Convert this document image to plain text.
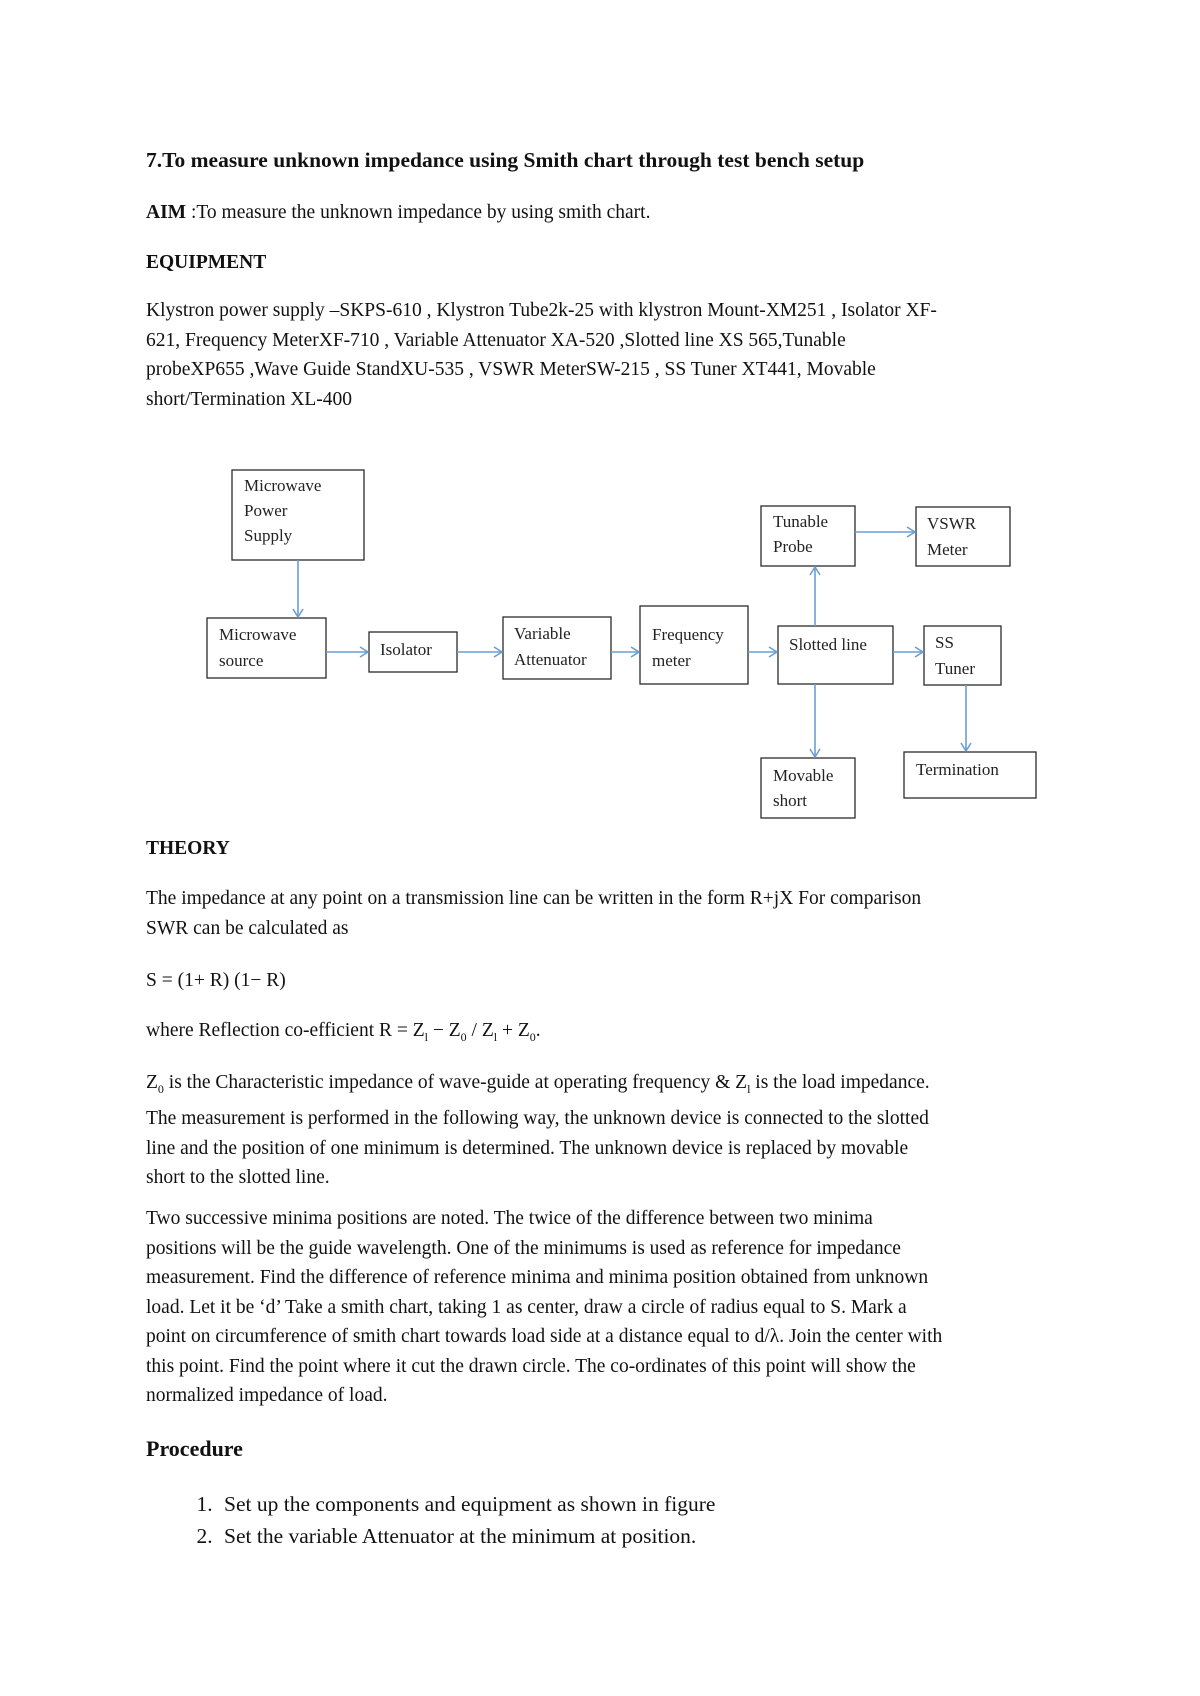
7.To measure unknown impedance using Smith chart through test bench setup

AIM :To measure the unknown impedance by using smith chart.

EQUIPMENT

Klystron power supply –SKPS-610 , Klystron Tube2k-25 with klystron Mount-XM251 , Isolator XF-
621, Frequency MeterXF-710 , Variable Attenuator XA-520 ,Slotted line XS 565,Tunable
probeXP655 ,Wave Guide StandXU-535 , VSWR MeterSW-215 , SS Tuner XT441, Movable
short/Termination XL-400
Microwave
Power
Supply
Microwave
source
Isolator
Variable
Attenuator
Frequency
meter
Slotted line
Tunable
Probe
VSWR
Meter
SS
Tuner
Movable
short
Termination

THEORY

The impedance at any point on a transmission line can be written in the form R+jX For comparison
SWR can be calculated as

S = (1+ R) (1− R)

where Reflection co-efficient $R = Z_l - Z_0 / Z_l + Z_0$.

$Z_0$ is the Characteristic impedance of wave-guide at operating frequency & $Z_l$ is the load impedance.
The measurement is performed in the following way, the unknown device is connected to the slotted
line and the position of one minimum is determined. The unknown device is replaced by movable
short to the slotted line.
Two successive minima positions are noted. The twice of the difference between two minima
positions will be the guide wavelength. One of the minimums is used as reference for impedance
measurement. Find the difference of reference minima and minima position obtained from unknown
load. Let it be ‘d’ Take a smith chart, taking 1 as center, draw a circle of radius equal to S. Mark a
point on circumference of smith chart towards load side at a distance equal to d/λ. Join the center with
this point. Find the point where it cut the drawn circle. The co-ordinates of this point will show the
normalized impedance of load.

Procedure

1. Set up the components and equipment as shown in figure
2. Set the variable Attenuator at the minimum at position.
